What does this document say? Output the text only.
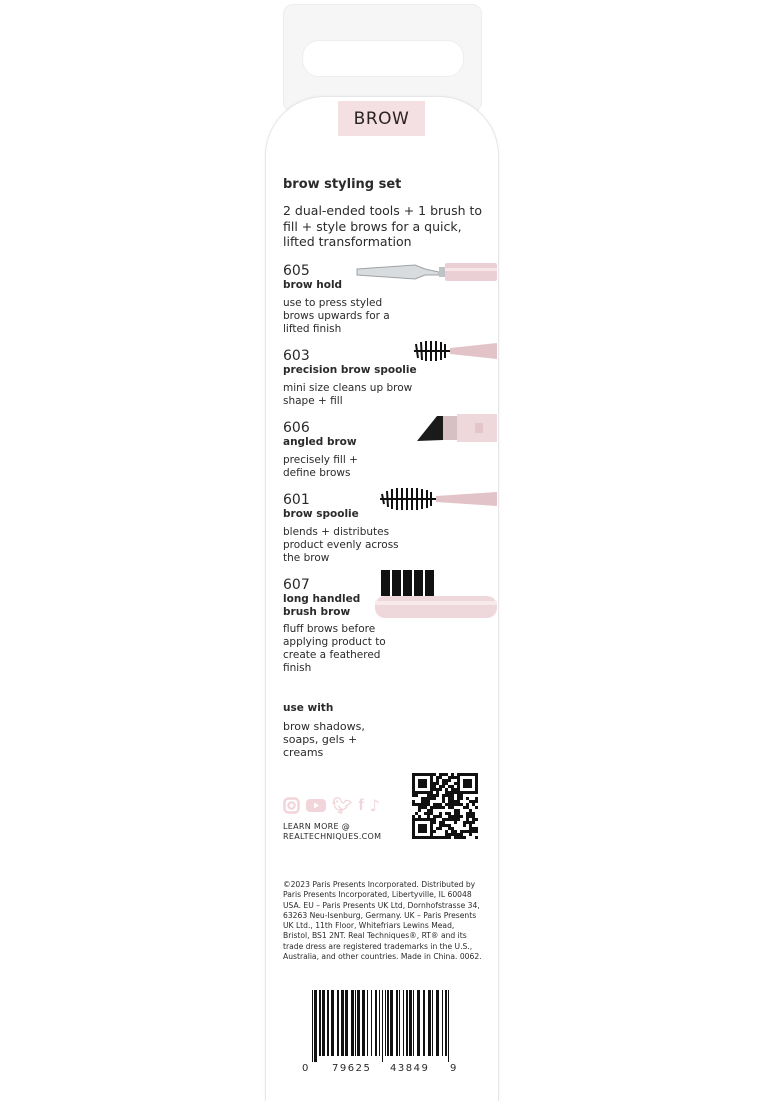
BROW
brow styling set
2 dual-ended tools + 1 brush to fill + style brows for a quick, lifted transformation
605
brow hold
use to press styled brows upwards for a lifted finish
603
precision brow spoolie
mini size cleans up brow shape + fill
606
angled brow
precisely fill + define brows
601
brow spoolie
blends + distributes product evenly across the brow
607
long handled brush brow
fluff brows before applying product to create a feathered finish
use with
brow shadows, soaps, gels + creams
🐦︎ f ♪
LEARN MORE @
REALTECHNIQUES.COM
©2023 Paris Presents Incorporated. Distributed by Paris Presents Incorporated, Libertyville, IL 60048 USA. EU – Paris Presents UK Ltd, Dornhofstrasse 34, 63263 Neu-Isenburg, Germany. UK – Paris Presents UK Ltd., 11th Floor, Whitefriars Lewins Mead, Bristol, BS1 2NT. Real Techniques®, RT® and its trade dress are registered trademarks in the U.S., Australia, and other countries. Made in China. 0062.
0 79625 43849 9
